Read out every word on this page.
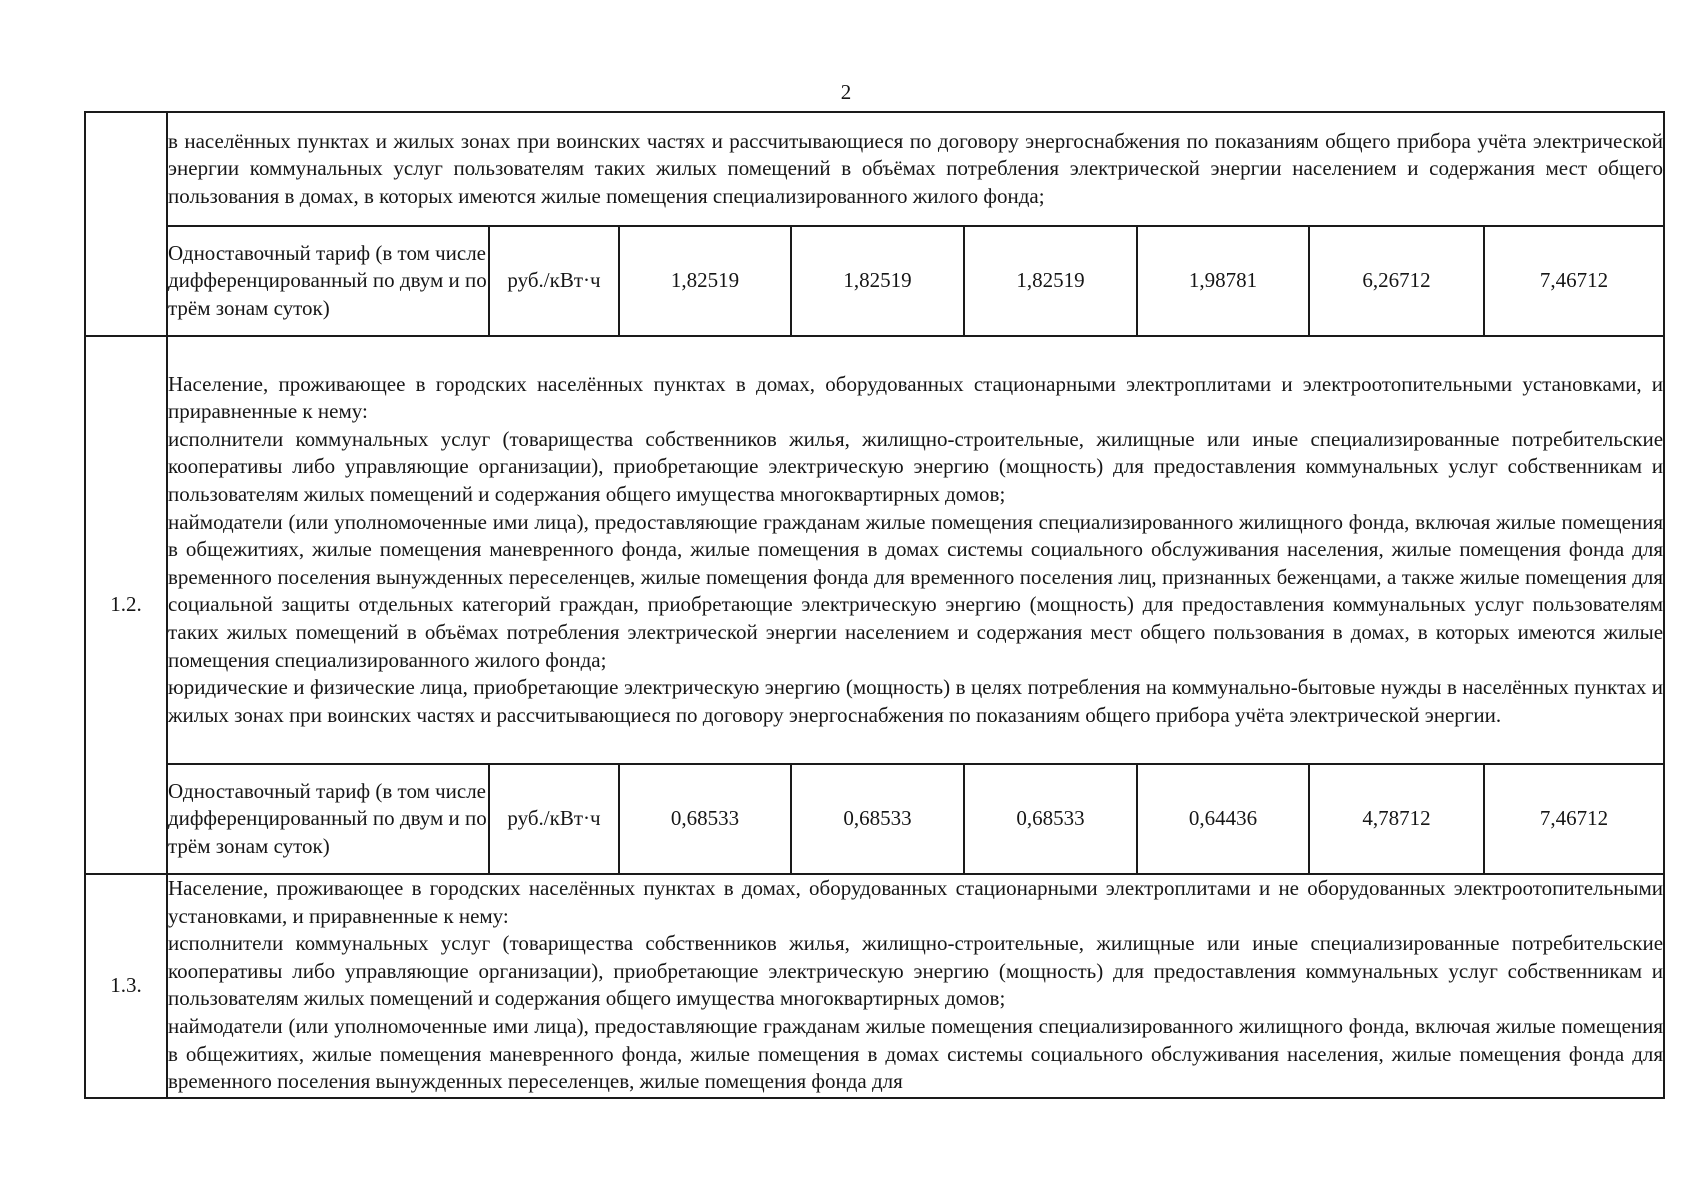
2

	в населённых пунктах и жилых зонах при воинских частях и рассчитывающиеся по договору энергоснабжения по показаниям общего прибора учёта электрической энергии коммунальных услуг пользователям таких жилых помещений в объёмах потребления электрической энергии населением и содержания мест общего пользования в домах, в которых имеются жилые помещения специализированного жилого фонда;							

	Одноставочный тариф (в том числе дифференцированный по двум и по трём зонам суток)	руб./кВт·ч	1,82519	1,82519	1,82519	1,98781	6,26712	7,46712
1.2.	Население, проживающее в городских населённых пунктах в домах, оборудованных стационарными электроплитами и электроотопительными установками, и приравненные к нему:

исполнители коммунальных услуг (товарищества собственников жилья, жилищно-строительные, жилищные или иные специализированные потребительские кооперативы либо управляющие организации), приобретающие электрическую энергию (мощность) для предоставления коммунальных услуг собственникам и пользователям жилых помещений и содержания общего имущества многоквартирных домов;

наймодатели (или уполномоченные ими лица), предоставляющие гражданам жилые помещения специализированного жилищного фонда, включая жилые помещения в общежитиях, жилые помещения маневренного фонда, жилые помещения в домах системы социального обслуживания населения, жилые помещения фонда для временного поселения вынужденных переселенцев, жилые помещения фонда для временного поселения лиц, признанных беженцами, а также жилые помещения для социальной защиты отдельных категорий граждан, приобретающие электрическую энергию (мощность) для предоставления коммунальных услуг пользователям таких жилых помещений в объёмах потребления электрической энергии населением и содержания мест общего пользования в домах, в которых имеются жилые помещения специализированного жилого фонда;

юридические и физические лица, приобретающие электрическую энергию (мощность) в целях потребления на коммунально-бытовые нужды в населённых пунктах и жилых зонах при воинских частях и рассчитывающиеся по договору энергоснабжения по показаниям общего прибора учёта электрической энергии.							

	Одноставочный тариф (в том числе дифференцированный по двум и по трём зонам суток)	руб./кВт·ч	0,68533	0,68533	0,68533	0,64436	4,78712	7,46712
1.3.	Население, проживающее в городских населённых пунктах в домах, оборудованных стационарными электроплитами и не оборудованных электроотопительными установками, и приравненные к нему:

исполнители коммунальных услуг (товарищества собственников жилья, жилищно-строительные, жилищные или иные специализированные потребительские кооперативы либо управляющие организации), приобретающие электрическую энергию (мощность) для предоставления коммунальных услуг собственникам и пользователям жилых помещений и содержания общего имущества многоквартирных домов;

наймодатели (или уполномоченные ими лица), предоставляющие гражданам жилые помещения специализированного жилищного фонда, включая жилые помещения в общежитиях, жилые помещения маневренного фонда, жилые помещения в домах системы социального обслуживания населения, жилые помещения фонда для временного поселения вынужденных переселенцев, жилые помещения фонда для							
